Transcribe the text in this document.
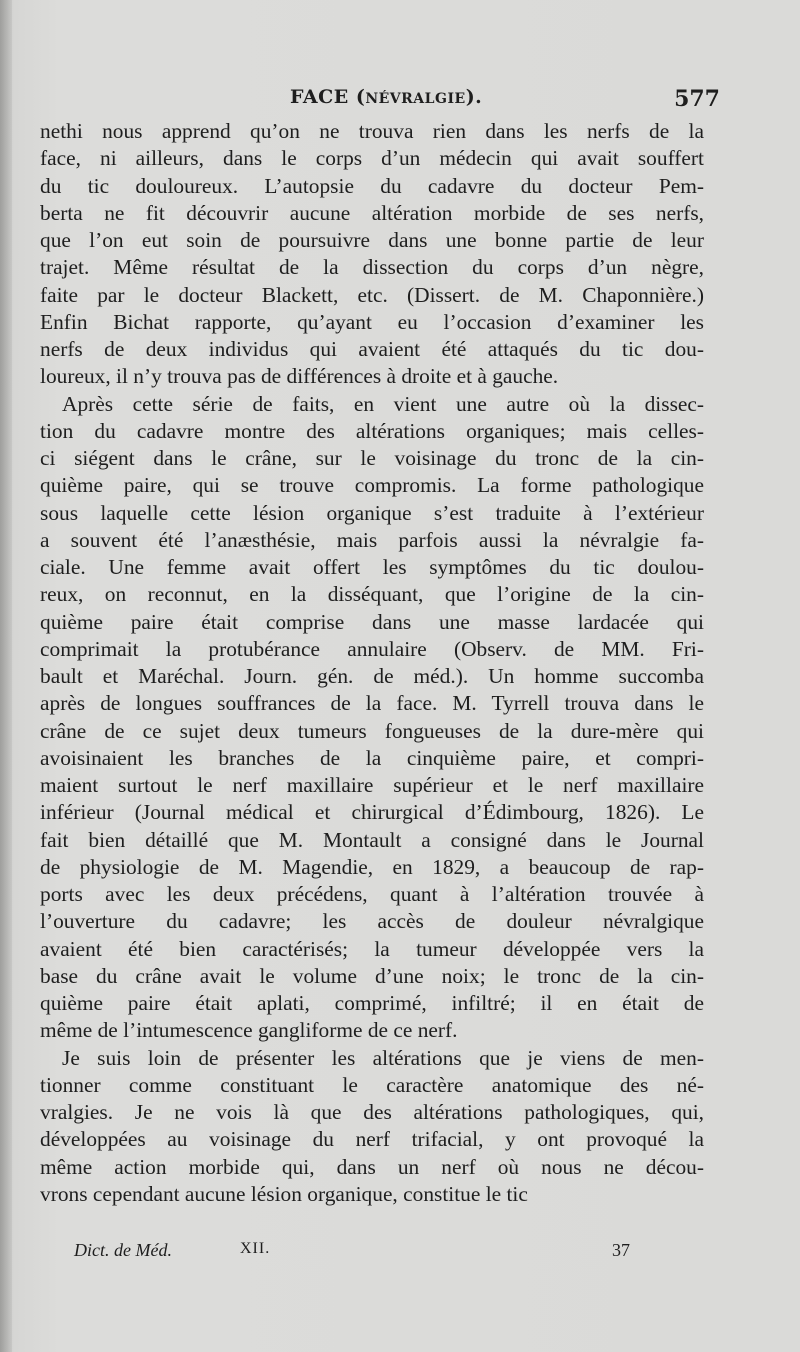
FACE (NÉVRALGIE).	577

nethi nous apprend qu’on ne trouva rien dans les nerfs de la
face, ni ailleurs, dans le corps d’un médecin qui avait souffert
du tic douloureux. L’autopsie du cadavre du docteur Pem-
berta ne fit découvrir aucune altération morbide de ses nerfs,
que l’on eut soin de poursuivre dans une bonne partie de leur
trajet. Même résultat de la dissection du corps d’un nègre,
faite par le docteur Blackett, etc. (Dissert. de M. Chaponnière.)
Enfin Bichat rapporte, qu’ayant eu l’occasion d’examiner les
nerfs de deux individus qui avaient été attaqués du tic dou-
loureux, il n’y trouva pas de différences à droite et à gauche.

Après cette série de faits, en vient une autre où la dissec-
tion du cadavre montre des altérations organiques; mais celles-
ci siégent dans le crâne, sur le voisinage du tronc de la cin-
quième paire, qui se trouve compromis. La forme pathologique
sous laquelle cette lésion organique s’est traduite à l’extérieur
a souvent été l’anæsthésie, mais parfois aussi la névralgie fa-
ciale. Une femme avait offert les symptômes du tic doulou-
reux, on reconnut, en la disséquant, que l’origine de la cin-
quième paire était comprise dans une masse lardacée qui
comprimait la protubérance annulaire (Observ. de MM. Fri-
bault et Maréchal. Journ. gén. de méd.). Un homme succomba
après de longues souffrances de la face. M. Tyrrell trouva dans le
crâne de ce sujet deux tumeurs fongueuses de la dure-mère qui
avoisinaient les branches de la cinquième paire, et compri-
maient surtout le nerf maxillaire supérieur et le nerf maxillaire
inférieur (Journal médical et chirurgical d’Édimbourg, 1826). Le
fait bien détaillé que M. Montault a consigné dans le Journal
de physiologie de M. Magendie, en 1829, a beaucoup de rap-
ports avec les deux précédens, quant à l’altération trouvée à
l’ouverture du cadavre; les accès de douleur névralgique
avaient été bien caractérisés; la tumeur développée vers la
base du crâne avait le volume d’une noix; le tronc de la cin-
quième paire était aplati, comprimé, infiltré; il en était de
même de l’intumescence gangliforme de ce nerf.

Je suis loin de présenter les altérations que je viens de men-
tionner comme constituant le caractère anatomique des né-
vralgies. Je ne vois là que des altérations pathologiques, qui,
développées au voisinage du nerf trifacial, y ont provoqué la
même action morbide qui, dans un nerf où nous ne décou-
vrons cependant aucune lésion organique, constitue le tic

Dict. de Méd.	XII.	37
